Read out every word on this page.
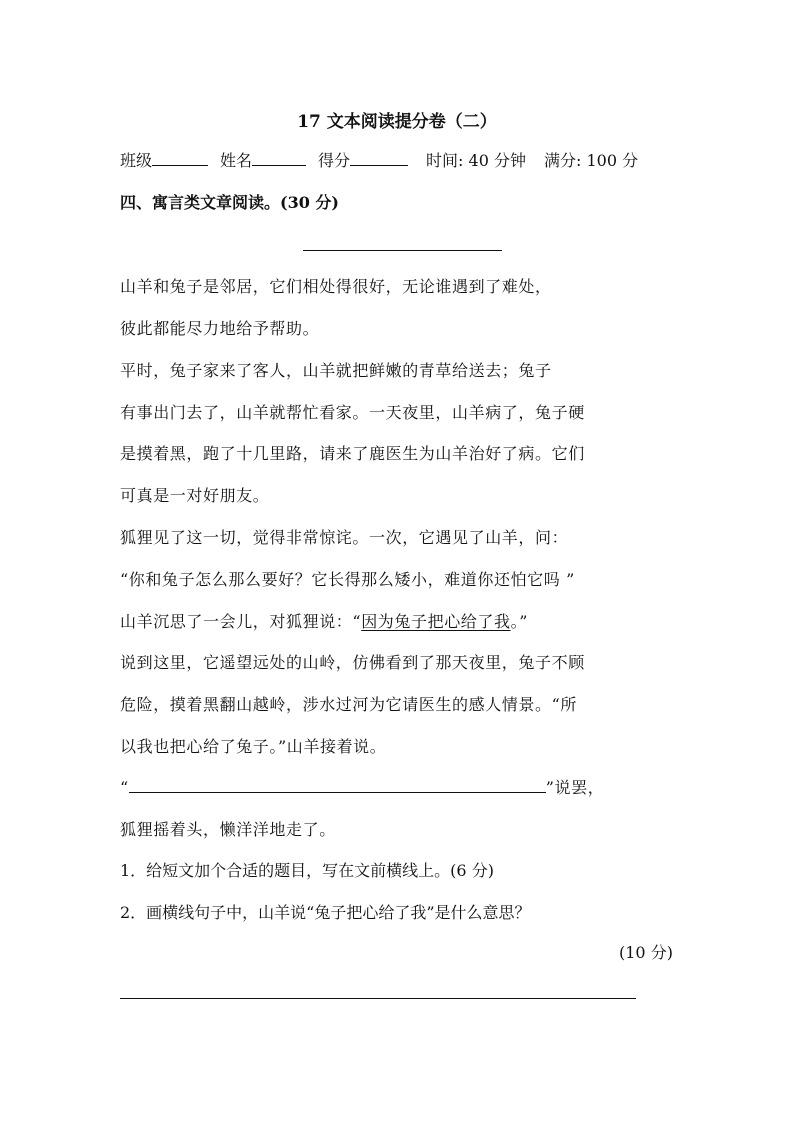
17 文本阅读提分卷（二）
班级	姓名	得分	时间: 40 分钟 满分: 100 分
四、寓言类文章阅读。(30 分)
山羊和兔子是邻居，它们相处得很好，无论谁遇到了难处，
彼此都能尽力地给予帮助。
平时，兔子家来了客人，山羊就把鲜嫩的青草给送去；兔子
有事出门去了，山羊就帮忙看家。一天夜里，山羊病了，兔子硬
是摸着黑，跑了十几里路，请来了鹿医生为山羊治好了病。它们
可真是一对好朋友。
狐狸见了这一切，觉得非常惊诧。一次，它遇见了山羊，问：
“你和兔子怎么那么要好？它长得那么矮小，难道你还怕它吗 ”
山羊沉思了一会儿，对狐狸说：“因为兔子把心给了我。”
说到这里，它遥望远处的山岭，仿佛看到了那天夜里，兔子不顾
危险，摸着黑翻山越岭，涉水过河为它请医生的感人情景。“所
以我也把心给了兔子。”山羊接着说。
“	”说罢，
狐狸摇着头，懒洋洋地走了。
1．给短文加个合适的题目，写在文前横线上。(6 分)
2．画横线句子中，山羊说“兔子把心给了我”是什么意思？
(10 分)
